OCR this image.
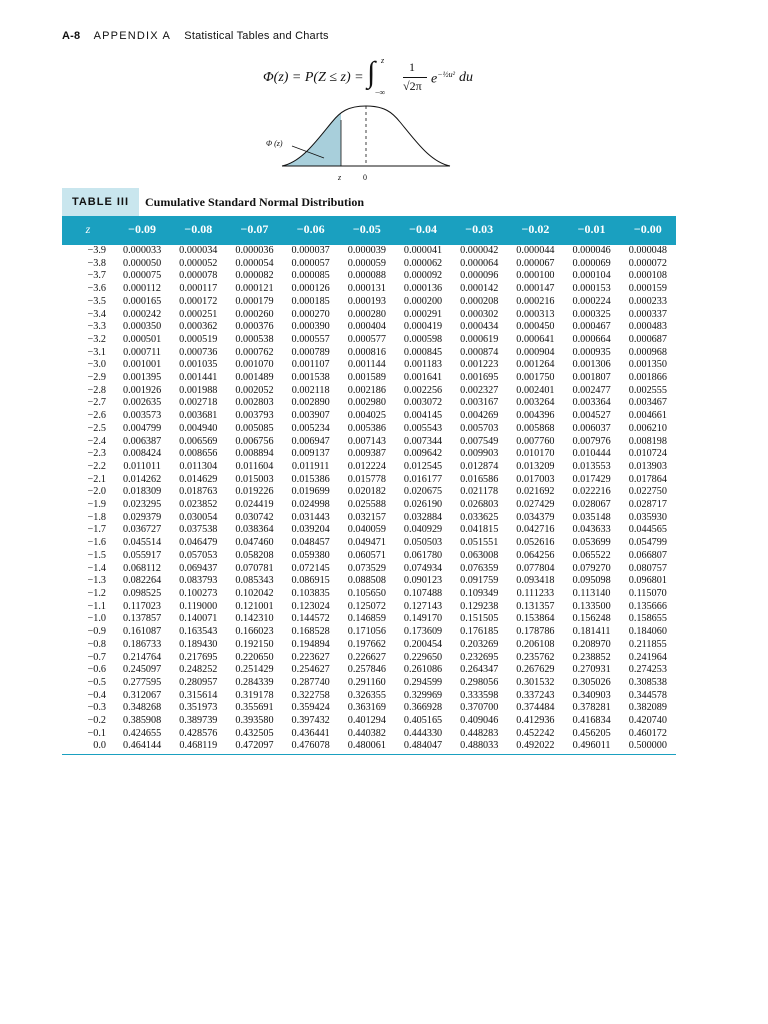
A-8 APPENDIX A Statistical Tables and Charts
Φ(z) = P(Z ≤ z) = ∫ z
−∞
1
√2π $e^{-\frac{1}{2}u^2}$ du
Φ (z)
z	0
TABLE III	Cumulative Standard Normal Distribution
z	−0.09	−0.08	−0.07	−0.06	−0.05	−0.04	−0.03	−0.02	−0.01	−0.00
−3.9	0.000033	0.000034	0.000036	0.000037	0.000039	0.000041	0.000042	0.000044	0.000046	0.000048
−3.8	0.000050	0.000052	0.000054	0.000057	0.000059	0.000062	0.000064	0.000067	0.000069	0.000072
−3.7	0.000075	0.000078	0.000082	0.000085	0.000088	0.000092	0.000096	0.000100	0.000104	0.000108
−3.6	0.000112	0.000117	0.000121	0.000126	0.000131	0.000136	0.000142	0.000147	0.000153	0.000159
−3.5	0.000165	0.000172	0.000179	0.000185	0.000193	0.000200	0.000208	0.000216	0.000224	0.000233
−3.4	0.000242	0.000251	0.000260	0.000270	0.000280	0.000291	0.000302	0.000313	0.000325	0.000337
−3.3	0.000350	0.000362	0.000376	0.000390	0.000404	0.000419	0.000434	0.000450	0.000467	0.000483
−3.2	0.000501	0.000519	0.000538	0.000557	0.000577	0.000598	0.000619	0.000641	0.000664	0.000687
−3.1	0.000711	0.000736	0.000762	0.000789	0.000816	0.000845	0.000874	0.000904	0.000935	0.000968
−3.0	0.001001	0.001035	0.001070	0.001107	0.001144	0.001183	0.001223	0.001264	0.001306	0.001350
−2.9	0.001395	0.001441	0.001489	0.001538	0.001589	0.001641	0.001695	0.001750	0.001807	0.001866
−2.8	0.001926	0.001988	0.002052	0.002118	0.002186	0.002256	0.002327	0.002401	0.002477	0.002555
−2.7	0.002635	0.002718	0.002803	0.002890	0.002980	0.003072	0.003167	0.003264	0.003364	0.003467
−2.6	0.003573	0.003681	0.003793	0.003907	0.004025	0.004145	0.004269	0.004396	0.004527	0.004661
−2.5	0.004799	0.004940	0.005085	0.005234	0.005386	0.005543	0.005703	0.005868	0.006037	0.006210
−2.4	0.006387	0.006569	0.006756	0.006947	0.007143	0.007344	0.007549	0.007760	0.007976	0.008198
−2.3	0.008424	0.008656	0.008894	0.009137	0.009387	0.009642	0.009903	0.010170	0.010444	0.010724
−2.2	0.011011	0.011304	0.011604	0.011911	0.012224	0.012545	0.012874	0.013209	0.013553	0.013903
−2.1	0.014262	0.014629	0.015003	0.015386	0.015778	0.016177	0.016586	0.017003	0.017429	0.017864
−2.0	0.018309	0.018763	0.019226	0.019699	0.020182	0.020675	0.021178	0.021692	0.022216	0.022750
−1.9	0.023295	0.023852	0.024419	0.024998	0.025588	0.026190	0.026803	0.027429	0.028067	0.028717
−1.8	0.029379	0.030054	0.030742	0.031443	0.032157	0.032884	0.033625	0.034379	0.035148	0.035930
−1.7	0.036727	0.037538	0.038364	0.039204	0.040059	0.040929	0.041815	0.042716	0.043633	0.044565
−1.6	0.045514	0.046479	0.047460	0.048457	0.049471	0.050503	0.051551	0.052616	0.053699	0.054799
−1.5	0.055917	0.057053	0.058208	0.059380	0.060571	0.061780	0.063008	0.064256	0.065522	0.066807
−1.4	0.068112	0.069437	0.070781	0.072145	0.073529	0.074934	0.076359	0.077804	0.079270	0.080757
−1.3	0.082264	0.083793	0.085343	0.086915	0.088508	0.090123	0.091759	0.093418	0.095098	0.096801
−1.2	0.098525	0.100273	0.102042	0.103835	0.105650	0.107488	0.109349	0.111233	0.113140	0.115070
−1.1	0.117023	0.119000	0.121001	0.123024	0.125072	0.127143	0.129238	0.131357	0.133500	0.135666
−1.0	0.137857	0.140071	0.142310	0.144572	0.146859	0.149170	0.151505	0.153864	0.156248	0.158655
−0.9	0.161087	0.163543	0.166023	0.168528	0.171056	0.173609	0.176185	0.178786	0.181411	0.184060
−0.8	0.186733	0.189430	0.192150	0.194894	0.197662	0.200454	0.203269	0.206108	0.208970	0.211855
−0.7	0.214764	0.217695	0.220650	0.223627	0.226627	0.229650	0.232695	0.235762	0.238852	0.241964
−0.6	0.245097	0.248252	0.251429	0.254627	0.257846	0.261086	0.264347	0.267629	0.270931	0.274253
−0.5	0.277595	0.280957	0.284339	0.287740	0.291160	0.294599	0.298056	0.301532	0.305026	0.308538
−0.4	0.312067	0.315614	0.319178	0.322758	0.326355	0.329969	0.333598	0.337243	0.340903	0.344578
−0.3	0.348268	0.351973	0.355691	0.359424	0.363169	0.366928	0.370700	0.374484	0.378281	0.382089
−0.2	0.385908	0.389739	0.393580	0.397432	0.401294	0.405165	0.409046	0.412936	0.416834	0.420740
−0.1	0.424655	0.428576	0.432505	0.436441	0.440382	0.444330	0.448283	0.452242	0.456205	0.460172
0.0	0.464144	0.468119	0.472097	0.476078	0.480061	0.484047	0.488033	0.492022	0.496011	0.500000
